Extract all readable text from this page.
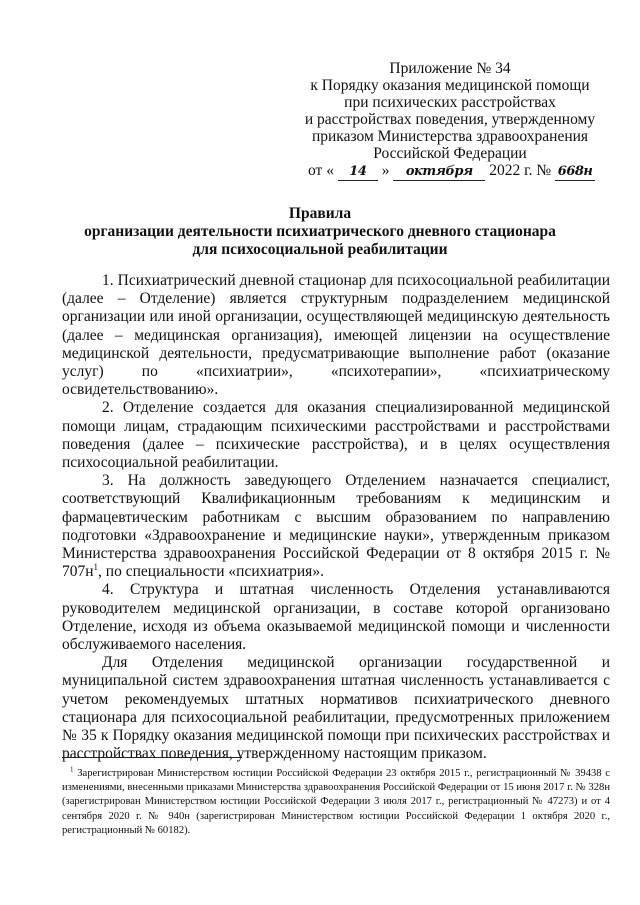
Приложение № 34
к Порядку оказания медицинской помощи
при психических расстройствах
и расстройствах поведения, утвержденному
приказом Министерства здравоохранения
Российской Федерации
от « 14 » октября 2022 г. № 668н
Правила
организации деятельности психиатрического дневного стационара
для психосоциальной реабилитации

1. Психиатрический дневной стационар для психосоциальной реабилитации (далее – Отделение) является структурным подразделением медицинской организации или иной организации, осуществляющей медицинскую деятельность (далее – медицинская организация), имеющей лицензии на осуществление медицинской деятельности, предусматривающие выполнение работ (оказание услуг) по «психиатрии», «психотерапии», «психиатрическому освидетельствованию».

2. Отделение создается для оказания специализированной медицинской помощи лицам, страдающим психическими расстройствами и расстройствами поведения (далее – психические расстройства), и в целях осуществления психосоциальной реабилитации.

3. На должность заведующего Отделением назначается специалист, соответствующий Квалификационным требованиям к медицинским и фармацевтическим работникам с высшим образованием по направлению подготовки «Здравоохранение и медицинские науки», утвержденным приказом Министерства здравоохранения Российской Федерации от 8 октября 2015 г. № $707н^1$, по специальности «психиатрия».

4. Структура и штатная численность Отделения устанавливаются руководителем медицинской организации, в составе которой организовано Отделение, исходя из объема оказываемой медицинской помощи и численности обслуживаемого населения.

Для Отделения медицинской организации государственной и муниципальной систем здравоохранения штатная численность устанавливается с учетом рекомендуемых штатных нормативов психиатрического дневного стационара для психосоциальной реабилитации, предусмотренных приложением № 35 к Порядку оказания медицинской помощи при психических расстройствах и расстройствах поведения, утвержденному настоящим приказом.

$^1$ Зарегистрирован Министерством юстиции Российской Федерации 23 октября 2015 г., регистрационный № 39438 с изменениями, внесенными приказами Министерства здравоохранения Российской Федерации от 15 июня 2017 г. № 328н (зарегистрирован Министерством юстиции Российской Федерации 3 июля 2017 г., регистрационный № 47273) и от 4 сентября 2020 г. № 940н (зарегистрирован Министерством юстиции Российской Федерации 1 октября 2020 г., регистрационный № 60182).
